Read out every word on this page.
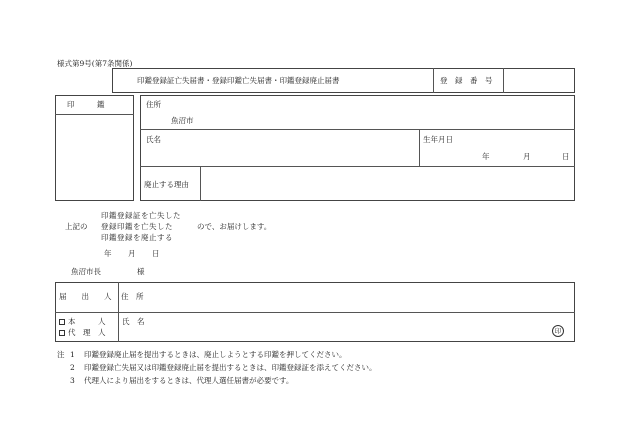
様式第9号(第7条関係)
印鑑登録証亡失届書・登録印鑑亡失届書・印鑑登録廃止届書	登　録　番　号
印　　　鑑	住所
魚沼市
氏名	生年月日
年	月	日
廃止する理由
印鑑登録証を亡失した
上記の 登録印鑑を亡失した	ので、お届けします。
印鑑登録を廃止する
年 月 日
魚沼市長	様
届　　出　　人 住　所
本　　　人
代　理　人
氏　名
印
注 1 印鑑登録廃止届を提出するときは、廃止しようとする印鑑を押してください。
2 印鑑登録亡失届又は印鑑登録廃止届を提出するときは、印鑑登録証を添えてください。
3 代理人により届出をするときは、代理人選任届書が必要です。
